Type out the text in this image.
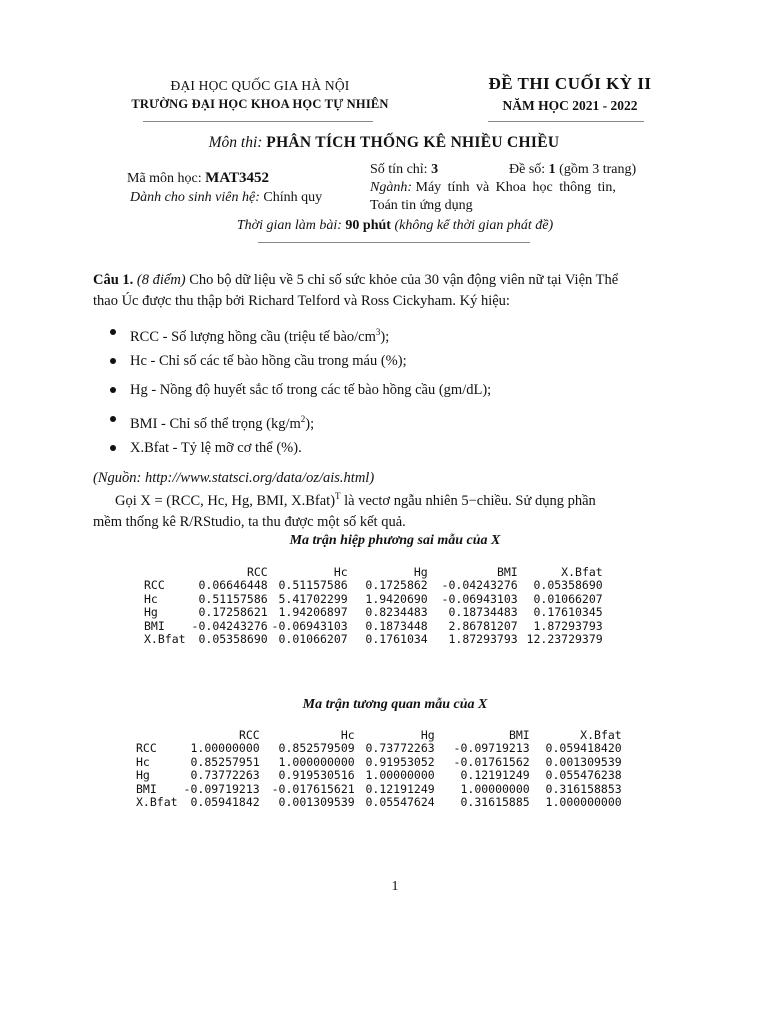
ĐẠI HỌC QUỐC GIA HÀ NỘI
TRƯỜNG ĐẠI HỌC KHOA HỌC TỰ NHIÊN
ĐỀ THI CUỐI KỲ II
NĂM HỌC 2021 - 2022
Môn thi: PHÂN TÍCH THỐNG KÊ NHIỀU CHIỀU
Mã môn học: MAT3452
Dành cho sinh viên hệ: Chính quy
Số tín chỉ: 3	Đề số: 1 (gồm 3 trang)
Ngành: Máy tính và Khoa học thông tin,
Toán tin ứng dụng
Thời gian làm bài: 90 phút (không kể thời gian phát đề)
Câu 1. (8 điểm) Cho bộ dữ liệu về 5 chỉ số sức khỏe của 30 vận động viên nữ tại Viện Thể
thao Úc được thu thập bởi Richard Telford và Ross Cickyham. Ký hiệu:
RCC - Số lượng hồng cầu (triệu tế bào/$cm^3$);
Hc - Chỉ số các tế bào hồng cầu trong máu (%);
Hg - Nồng độ huyết sắc tố trong các tế bào hồng cầu (gm/dL);
BMI - Chỉ số thể trọng $(kg/m^2)$;
X.Bfat - Tỷ lệ mỡ cơ thể (%).
(Nguồn: http://www.statsci.org/data/oz/ais.html)
Gọi X = (RCC, Hc, Hg, BMI, X.Bfat)$^T$ là vectơ ngẫu nhiên 5−chiều. Sử dụng phần
mềm thống kê R/RStudio, ta thu được một số kết quả.
Ma trận hiệp phương sai mẫu của X
	RCC	Hc	Hg	BMI	X.Bfat
RCC	0.06646448	0.51157586	0.1725862	-0.04243276	0.05358690
Hc	0.51157586	5.41702299	1.9420690	-0.06943103	0.01066207
Hg	0.17258621	1.94206897	0.8234483	0.18734483	0.17610345
BMI	-0.04243276	-0.06943103	0.1873448	2.86781207	1.87293793
X.Bfat	0.05358690	0.01066207	0.1761034	1.87293793	12.23729379
Ma trận tương quan mẫu của X
	RCC	Hc	Hg	BMI	X.Bfat
RCC	1.00000000	0.852579509	0.73772263	-0.09719213	0.059418420
Hc	0.85257951	1.000000000	0.91953052	-0.01761562	0.001309539
Hg	0.73772263	0.919530516	1.00000000	0.12191249	0.055476238
BMI	-0.09719213	-0.017615621	0.12191249	1.00000000	0.316158853
X.Bfat	0.05941842	0.001309539	0.05547624	0.31615885	1.000000000
1
